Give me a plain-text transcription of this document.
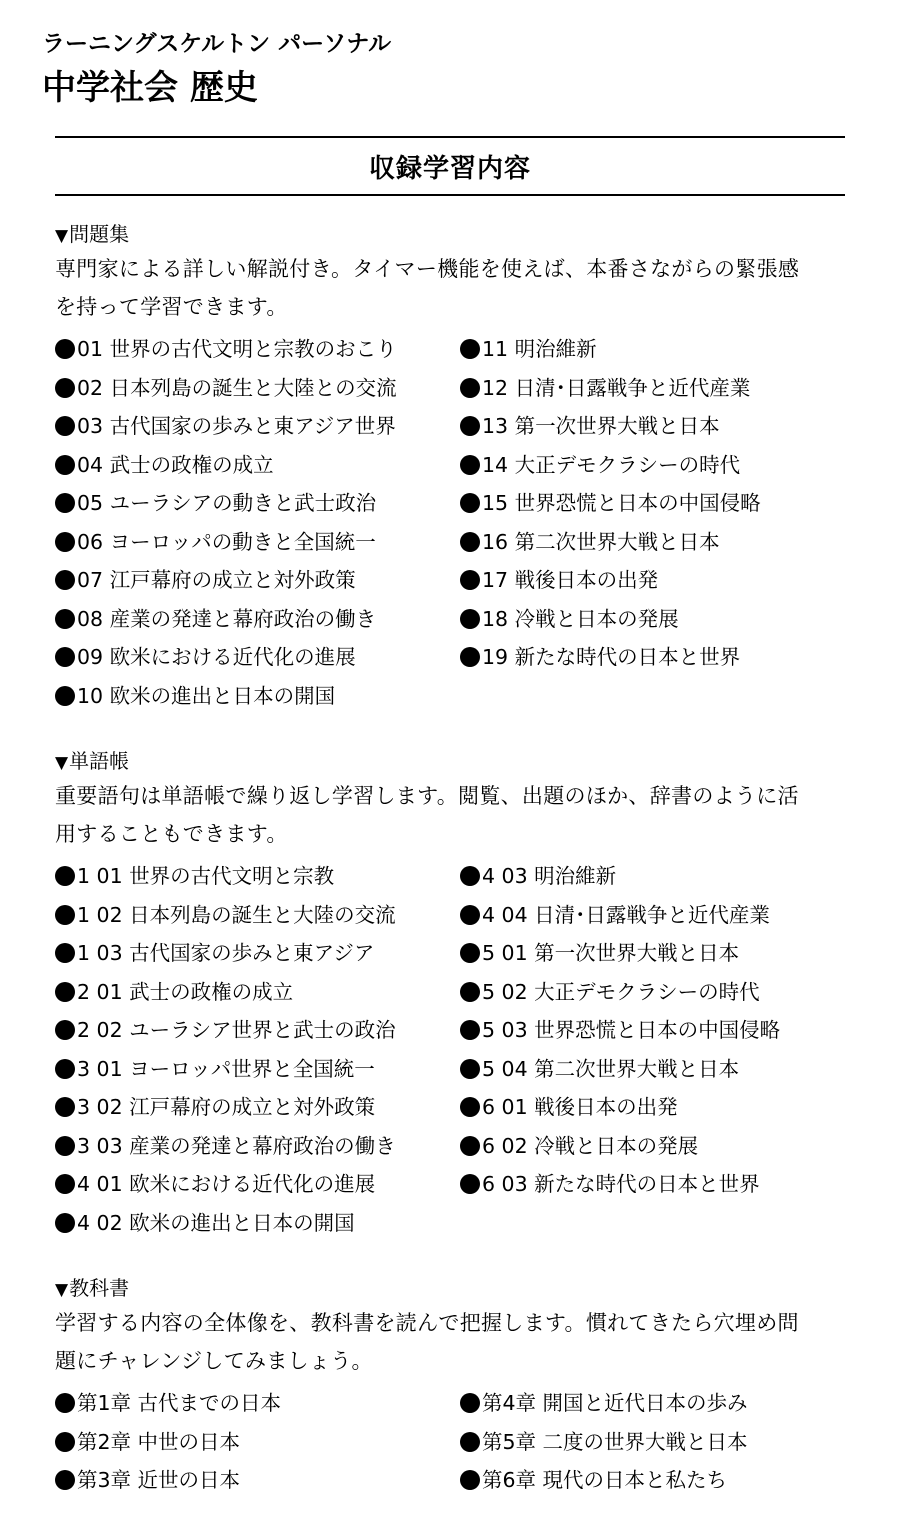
ラーニングスケルトン パーソナル
中学社会 歴史
収録学習内容
▼問題集
専門家による詳しい解説付き。タイマー機能を使えば、本番さながらの緊張感
を持って学習できます。
01 世界の古代文明と宗教のおこり
02 日本列島の誕生と大陸との交流
03 古代国家の歩みと東アジア世界
04 武士の政権の成立
05 ユーラシアの動きと武士政治
06 ヨーロッパの動きと全国統一
07 江戸幕府の成立と対外政策
08 産業の発達と幕府政治の働き
09 欧米における近代化の進展
10 欧米の進出と日本の開国
11 明治維新
12 日清･日露戦争と近代産業
13 第一次世界大戦と日本
14 大正デモクラシーの時代
15 世界恐慌と日本の中国侵略
16 第二次世界大戦と日本
17 戦後日本の出発
18 冷戦と日本の発展
19 新たな時代の日本と世界
▼単語帳
重要語句は単語帳で繰り返し学習します。閲覧、出題のほか、辞書のように活
用することもできます。
1 01 世界の古代文明と宗教
1 02 日本列島の誕生と大陸の交流
1 03 古代国家の歩みと東アジア
2 01 武士の政権の成立
2 02 ユーラシア世界と武士の政治
3 01 ヨーロッパ世界と全国統一
3 02 江戸幕府の成立と対外政策
3 03 産業の発達と幕府政治の働き
4 01 欧米における近代化の進展
4 02 欧米の進出と日本の開国
4 03 明治維新
4 04 日清･日露戦争と近代産業
5 01 第一次世界大戦と日本
5 02 大正デモクラシーの時代
5 03 世界恐慌と日本の中国侵略
5 04 第二次世界大戦と日本
6 01 戦後日本の出発
6 02 冷戦と日本の発展
6 03 新たな時代の日本と世界
▼教科書
学習する内容の全体像を、教科書を読んで把握します。慣れてきたら穴埋め問
題にチャレンジしてみましょう。
第1章 古代までの日本
第2章 中世の日本
第3章 近世の日本
第4章 開国と近代日本の歩み
第5章 二度の世界大戦と日本
第6章 現代の日本と私たち
